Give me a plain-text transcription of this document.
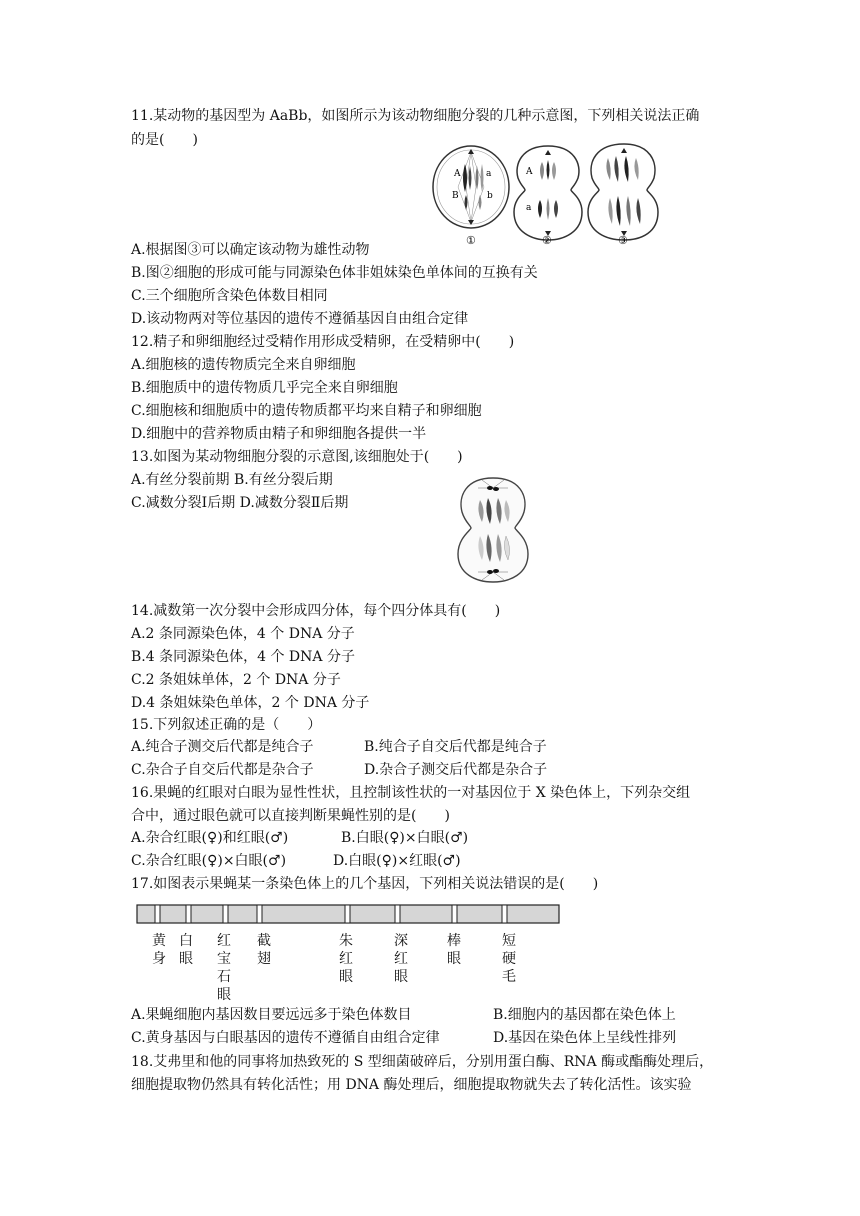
11.某动物的基因型为 AaBb，如图所示为该动物细胞分裂的几种示意图，下列相关说法正确
的是(　　)
A	a
B	b
A
a
①	②	③
A.根据图③可以确定该动物为雄性动物
B.图②细胞的形成可能与同源染色体非姐妹染色单体间的互换有关
C.三个细胞所含染色体数目相同
D.该动物两对等位基因的遗传不遵循基因自由组合定律
12.精子和卵细胞经过受精作用形成受精卵，在受精卵中(　　)
A.细胞核的遗传物质完全来自卵细胞
B.细胞质中的遗传物质几乎完全来自卵细胞
C.细胞核和细胞质中的遗传物质都平均来自精子和卵细胞
D.细胞中的营养物质由精子和卵细胞各提供一半
13.如图为某动物细胞分裂的示意图,该细胞处于(　　)
A.有丝分裂前期 B.有丝分裂后期
C.减数分裂Ⅰ后期 D.减数分裂Ⅱ后期
14.减数第一次分裂中会形成四分体，每个四分体具有(　　)
A.2 条同源染色体，4 个 DNA 分子
B.4 条同源染色体，4 个 DNA 分子
C.2 条姐妹单体，2 个 DNA 分子
D.4 条姐妹染色单体，2 个 DNA 分子
15.下列叙述正确的是（　　）
A.纯合子测交后代都是纯合子	B.纯合子自交后代都是纯合子
C.杂合子自交后代都是杂合子	D.杂合子测交后代都是杂合子
16.果蝇的红眼对白眼为显性性状，且控制该性状的一对基因位于 X 染色体上，下列杂交组
合中，通过眼色就可以直接判断果蝇性别的是(　　)
A.杂合红眼(♀)和红眼(♂)	B.白眼(♀)×白眼(♂)
C.杂合红眼(♀)×白眼(♂)	D.白眼(♀)×红眼(♂)
17.如图表示果蝇某一条染色体上的几个基因，下列相关说法错误的是(　　)
黄身
白眼
红宝石眼
截翅
朱红眼
深红眼
棒眼
短硬毛
A.果蝇细胞内基因数目要远远多于染色体数目	B.细胞内的基因都在染色体上
C.黄身基因与白眼基因的遗传不遵循自由组合定律	D.基因在染色体上呈线性排列
18.艾弗里和他的同事将加热致死的 S 型细菌破碎后，分别用蛋白酶、RNA 酶或酯酶处理后，
细胞提取物仍然具有转化活性；用 DNA 酶处理后，细胞提取物就失去了转化活性。该实验
